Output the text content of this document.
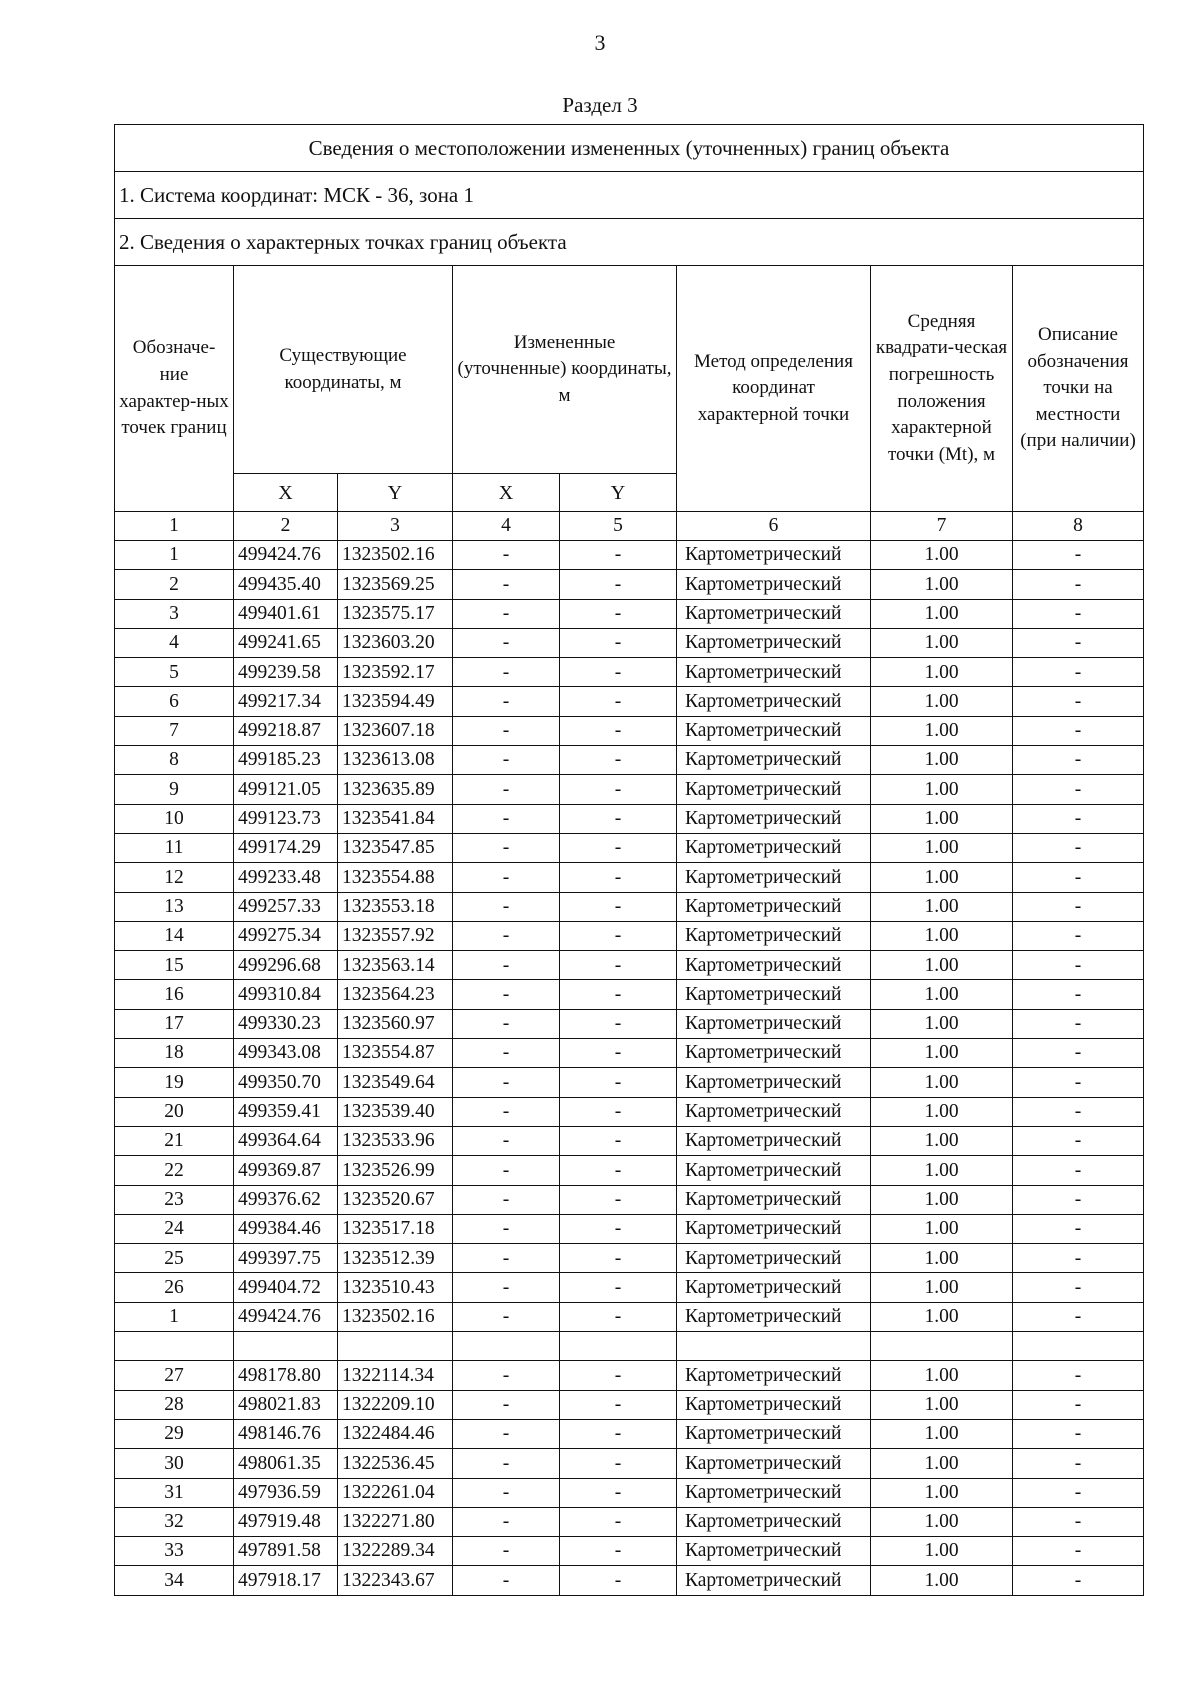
3
Раздел 3
Сведения о местоположении измененных (уточненных) границ объекта							
1. Система координат: МСК - 36, зона 1							
2. Сведения о характерных точках границ объекта							
Обозначе-ние характер-ных точек границ	Существующие координаты, м		Измененные (уточненные) координаты, м		Метод определения координат характерной точки	Средняя квадрати-ческая погрешность положения характерной точки (Mt), м	Описание обозначения точки на местности (при наличии)
	X	Y	X	Y			
1	2	3	4	5	6	7	8
1	499424.76	1323502.16	-	-	Картометрический	1.00	-
2	499435.40	1323569.25	-	-	Картометрический	1.00	-
3	499401.61	1323575.17	-	-	Картометрический	1.00	-
4	499241.65	1323603.20	-	-	Картометрический	1.00	-
5	499239.58	1323592.17	-	-	Картометрический	1.00	-
6	499217.34	1323594.49	-	-	Картометрический	1.00	-
7	499218.87	1323607.18	-	-	Картометрический	1.00	-
8	499185.23	1323613.08	-	-	Картометрический	1.00	-
9	499121.05	1323635.89	-	-	Картометрический	1.00	-
10	499123.73	1323541.84	-	-	Картометрический	1.00	-
11	499174.29	1323547.85	-	-	Картометрический	1.00	-
12	499233.48	1323554.88	-	-	Картометрический	1.00	-
13	499257.33	1323553.18	-	-	Картометрический	1.00	-
14	499275.34	1323557.92	-	-	Картометрический	1.00	-
15	499296.68	1323563.14	-	-	Картометрический	1.00	-
16	499310.84	1323564.23	-	-	Картометрический	1.00	-
17	499330.23	1323560.97	-	-	Картометрический	1.00	-
18	499343.08	1323554.87	-	-	Картометрический	1.00	-
19	499350.70	1323549.64	-	-	Картометрический	1.00	-
20	499359.41	1323539.40	-	-	Картометрический	1.00	-
21	499364.64	1323533.96	-	-	Картометрический	1.00	-
22	499369.87	1323526.99	-	-	Картометрический	1.00	-
23	499376.62	1323520.67	-	-	Картометрический	1.00	-
24	499384.46	1323517.18	-	-	Картометрический	1.00	-
25	499397.75	1323512.39	-	-	Картометрический	1.00	-
26	499404.72	1323510.43	-	-	Картометрический	1.00	-
1	499424.76	1323502.16	-	-	Картометрический	1.00	-

27	498178.80	1322114.34	-	-	Картометрический	1.00	-
28	498021.83	1322209.10	-	-	Картометрический	1.00	-
29	498146.76	1322484.46	-	-	Картометрический	1.00	-
30	498061.35	1322536.45	-	-	Картометрический	1.00	-
31	497936.59	1322261.04	-	-	Картометрический	1.00	-
32	497919.48	1322271.80	-	-	Картометрический	1.00	-
33	497891.58	1322289.34	-	-	Картометрический	1.00	-
34	497918.17	1322343.67	-	-	Картометрический	1.00	-
